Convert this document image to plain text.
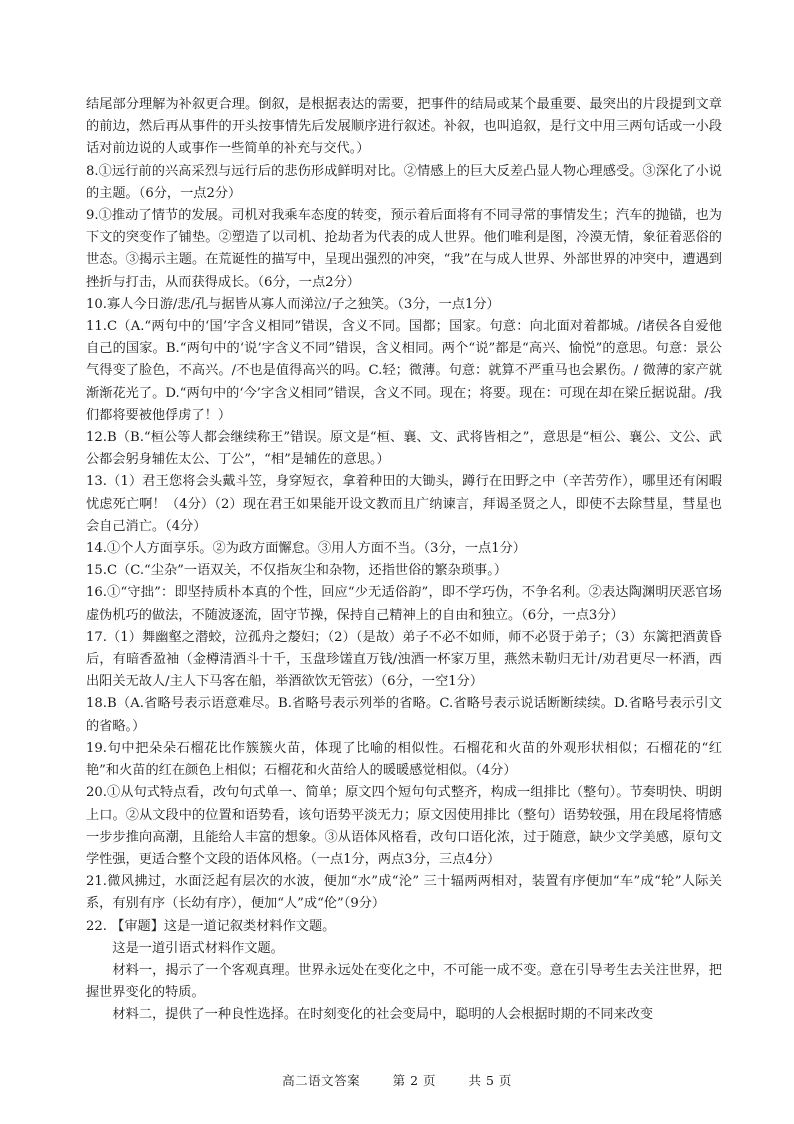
结尾部分理解为补叙更合理。倒叙，是根据表达的需要，把事件的结局或某个最重要、最突出的片段提到文章的前边，然后再从事件的开头按事情先后发展顺序进行叙述。补叙，也叫追叙，是行文中用三两句话或一小段话对前边说的人或事作一些简单的补充与交代。）

8.①远行前的兴高采烈与远行后的悲伤形成鲜明对比。②情感上的巨大反差凸显人物心理感受。③深化了小说的主题。（6分，一点2分）

9.①推动了情节的发展。司机对我乘车态度的转变，预示着后面将有不同寻常的事情发生；汽车的抛锚，也为下文的突变作了铺垫。②塑造了以司机、抢劫者为代表的成人世界。他们唯利是图，冷漠无情，象征着恶俗的世态。③揭示主题。在荒诞性的描写中，呈现出强烈的冲突，“我”在与成人世界、外部世界的冲突中，遭遇到挫折与打击，从而获得成长。（6分，一点2分）

10.寡人今日游/悲/孔与据皆从寡人而涕泣/子之独笑。（3分，一点1分）

11.C（A.“两句中的‘国’字含义相同”错误，含义不同。国都；国家。句意：向北面对着都城。/诸侯各自爱他自己的国家。B.“两句中的‘说’字含义不同”错误，含义相同。两个“说”都是“高兴、愉悦”的意思。句意：景公气得变了脸色，不高兴。/不也是值得高兴的吗。C.轻；微薄。句意：就算不严重马也会累伤。/ 微薄的家产就渐渐花光了。D.“两句中的‘今’字含义相同”错误，含义不同。现在；将要。现在：可现在却在梁丘据说甜。/我们都将要被他俘虏了！）

12.B（B.“桓公等人都会继续称王”错误。原文是“桓、襄、文、武将皆相之”，意思是“桓公、襄公、文公、武公都会躬身辅佐太公、丁公”，“相”是辅佐的意思。）

13.（1）君王您将会头戴斗笠，身穿短衣，拿着种田的大锄头，蹲行在田野之中（辛苦劳作），哪里还有闲暇忧虑死亡啊！（4分）（2）现在君王如果能开设文教而且广纳谏言，拜谒圣贤之人，即使不去除彗星，彗星也会自己消亡。（4分）

14.①个人方面享乐。②为政方面懈怠。③用人方面不当。（3分，一点1分）

15.C（C.“尘杂”一语双关，不仅指灰尘和杂物，还指世俗的繁杂琐事。）

16.①“守拙”：即坚持质朴本真的个性，回应“少无适俗韵”，即不学巧伪，不争名利。②表达陶渊明厌恶官场虚伪机巧的做法，不随波逐流，固守节操，保持自己精神上的自由和独立。（6分，一点3分）

17.（1）舞幽壑之潜蛟，泣孤舟之嫠妇；（2）（是故）弟子不必不如师，师不必贤于弟子；（3）东篱把酒黄昏后，有暗香盈袖（金樽清酒斗十千，玉盘珍馐直万钱/浊酒一杯家万里，燕然未勒归无计/劝君更尽一杯酒，西出阳关无故人/主人下马客在船，举酒欲饮无管弦）（6分，一空1分）

18.B（A.省略号表示语意难尽。B.省略号表示列举的省略。C.省略号表示说话断断续续。D.省略号表示引文的省略。）

19.句中把朵朵石榴花比作簇簇火苗，体现了比喻的相似性。石榴花和火苗的外观形状相似；石榴花的“红艳”和火苗的红在颜色上相似；石榴花和火苗给人的暖暖感觉相似。（4分）

20.①从句式特点看，改句句式单一、简单；原文四个短句句式整齐，构成一组排比（整句）。节奏明快、明朗上口。②从文段中的位置和语势看，该句语势平淡无力；原文因使用排比（整句）语势较强，用在段尾将情感一步步推向高潮，且能给人丰富的想象。③从语体风格看，改句口语化浓，过于随意，缺少文学美感，原句文学性强，更适合整个文段的语体风格。（一点1分，两点3分，三点4分）

21.微风拂过，水面泛起有层次的水波，便加“水”成“沦” 三十辐两两相对，装置有序便加“车”成“轮”人际关系，有别有序（长幼有序），便加“人”成“伦”（9分）

22. 【审题】这是一道记叙类材料作文题。

这是一道引语式材料作文题。

材料一，揭示了一个客观真理。世界永远处在变化之中，不可能一成不变。意在引导考生去关注世界，把握世界变化的特质。

材料二，提供了一种良性选择。在时刻变化的社会变局中，聪明的人会根据时期的不同来改变

高二语文答案	第 2 页	共 5 页
